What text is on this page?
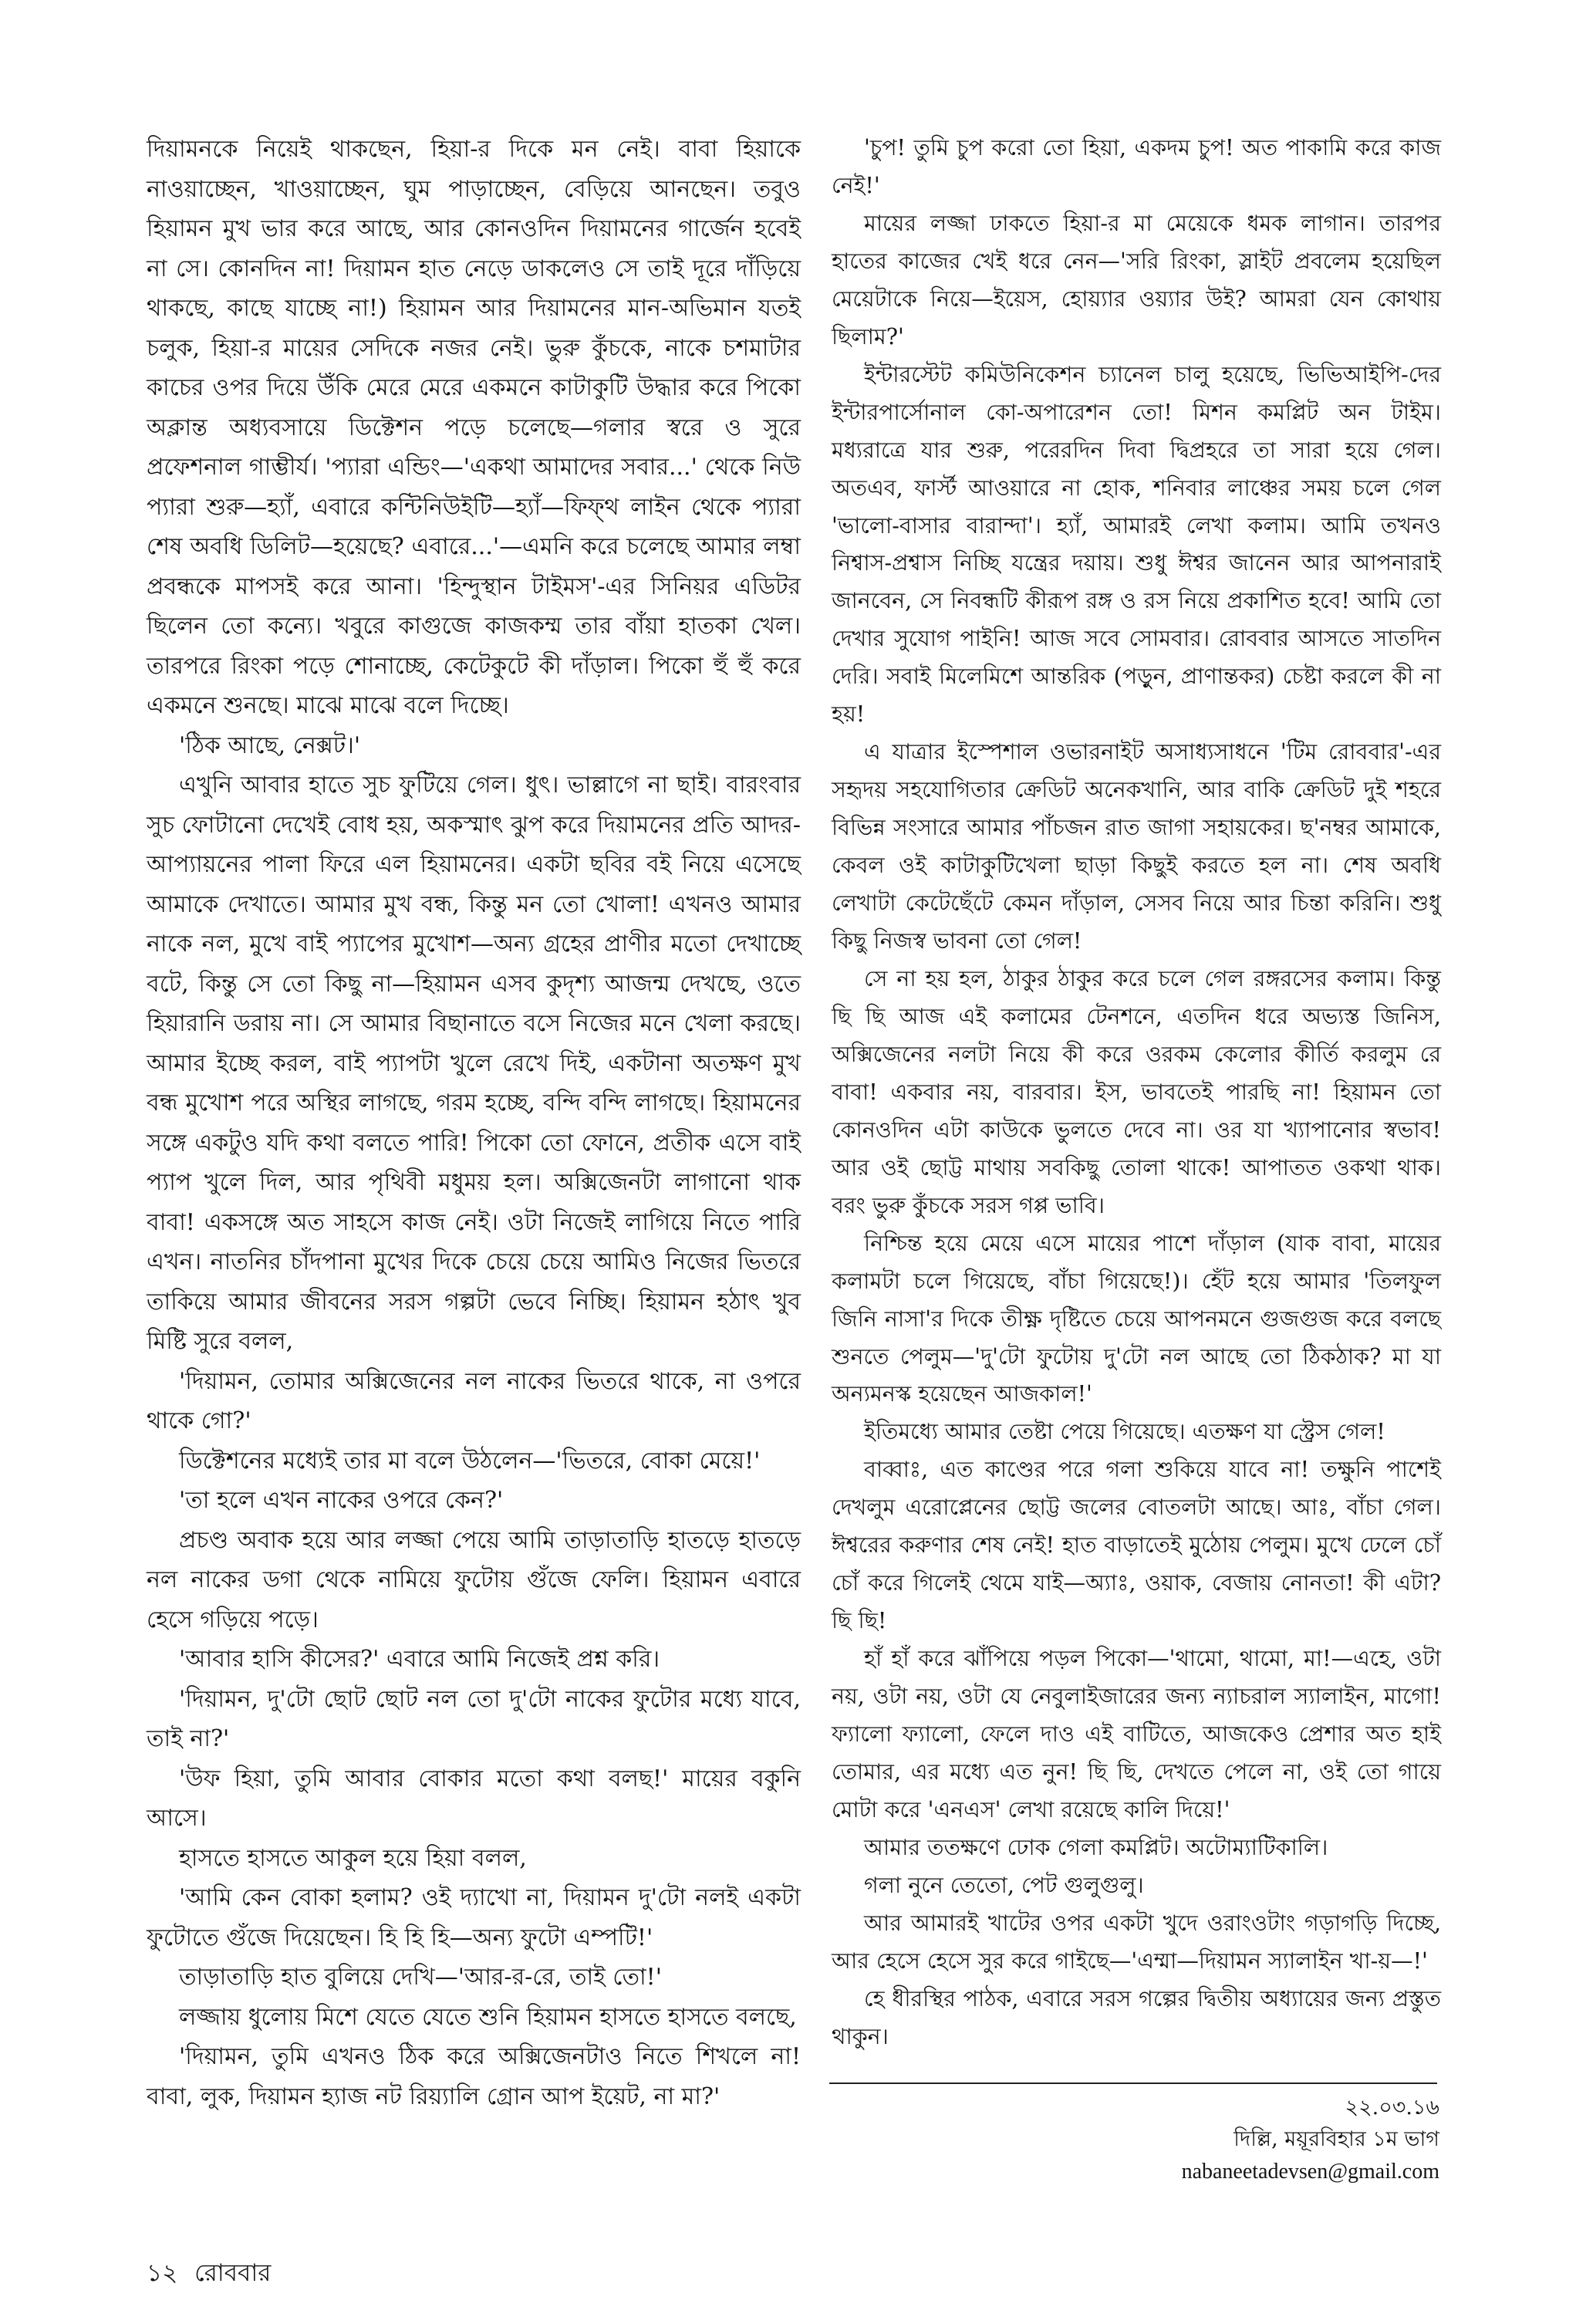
দিয়ামনকে নিয়েই থাকছেন, হিয়া-র দিকে মন নেই। বাবা হিয়াকে নাওয়াচ্ছেন, খাওয়াচ্ছেন, ঘুম পাড়াচ্ছেন, বেড়িয়ে আনছেন। তবুও হিয়ামন মুখ ভার করে আছে, আর কোনওদিন দিয়ামনের গার্জেন হবেই না সে। কোনদিন না! দিয়ামন হাত নেড়ে ডাকলেও সে তাই দূরে দাঁড়িয়ে থাকছে, কাছে যাচ্ছে না!) হিয়ামন আর দিয়ামনের মান-অভিমান যতই চলুক, হিয়া-র মায়ের সেদিকে নজর নেই। ভুরু কুঁচকে, নাকে চশমাটার কাচের ওপর দিয়ে উঁকি মেরে মেরে একমনে কাটাকুটি উদ্ধার করে পিকো অক্লান্ত অধ্যবসায়ে ডিক্টেশন পড়ে চলেছে—গলার স্বরে ও সুরে প্রফেশনাল গাম্ভীর্য। 'প্যারা এন্ডিং—'একথা আমাদের সবার...' থেকে নিউ প্যারা শুরু—হ্যাঁ, এবারে কন্টিনিউইটি—হ্যাঁ—ফিফ্থ লাইন থেকে প্যারা শেষ অবধি ডিলিট—হয়েছে? এবারে...'—এমনি করে চলেছে আমার লম্বা প্রবন্ধকে মাপসই করে আনা। 'হিন্দুস্থান টাইমস'-এর সিনিয়র এডিটর ছিলেন তো কন্যে। খবুরে কাগুজে কাজকম্ম তার বাঁয়া হাতকা খেল। তারপরে রিংকা পড়ে শোনাচ্ছে, কেটেকুটে কী দাঁড়াল। পিকো হুঁ হুঁ করে একমনে শুনছে। মাঝে মাঝে বলে দিচ্ছে।

'ঠিক আছে, নেক্সট।'

এখুনি আবার হাতে সুচ ফুটিয়ে গেল। ধুৎ। ভাল্লাগে না ছাই। বারংবার সুচ ফোটানো দেখেই বোধ হয়, অকস্মাৎ ঝুপ করে দিয়ামনের প্রতি আদর-আপ্যায়নের পালা ফিরে এল হিয়ামনের। একটা ছবির বই নিয়ে এসেছে আমাকে দেখাতে। আমার মুখ বন্ধ, কিন্তু মন তো খোলা! এখনও আমার নাকে নল, মুখে বাই প্যাপের মুখোশ—অন্য গ্রহের প্রাণীর মতো দেখাচ্ছে বটে, কিন্তু সে তো কিছু না—হিয়ামন এসব কুদৃশ্য আজন্ম দেখছে, ওতে হিয়ারানি ডরায় না। সে আমার বিছানাতে বসে নিজের মনে খেলা করছে। আমার ইচ্ছে করল, বাই প্যাপটা খুলে রেখে দিই, একটানা অতক্ষণ মুখ বন্ধ মুখোশ পরে অস্থির লাগছে, গরম হচ্ছে, বন্দি বন্দি লাগছে। হিয়ামনের সঙ্গে একটুও যদি কথা বলতে পারি! পিকো তো ফোনে, প্রতীক এসে বাই প্যাপ খুলে দিল, আর পৃথিবী মধুময় হল। অক্সিজেনটা লাগানো থাক বাবা! একসঙ্গে অত সাহসে কাজ নেই। ওটা নিজেই লাগিয়ে নিতে পারি এখন। নাতনির চাঁদপানা মুখের দিকে চেয়ে চেয়ে আমিও নিজের ভিতরে তাকিয়ে আমার জীবনের সরস গল্পটা ভেবে নিচ্ছি। হিয়ামন হঠাৎ খুব মিষ্টি সুরে বলল,

'দিয়ামন, তোমার অক্সিজেনের নল নাকের ভিতরে থাকে, না ওপরে থাকে গো?'

ডিক্টেশনের মধ্যেই তার মা বলে উঠলেন—'ভিতরে, বোকা মেয়ে!'

'তা হলে এখন নাকের ওপরে কেন?'

প্রচণ্ড অবাক হয়ে আর লজ্জা পেয়ে আমি তাড়াতাড়ি হাতড়ে হাতড়ে নল নাকের ডগা থেকে নামিয়ে ফুটোয় গুঁজে ফেলি। হিয়ামন এবারে হেসে গড়িয়ে পড়ে।

'আবার হাসি কীসের?' এবারে আমি নিজেই প্রশ্ন করি।

'দিয়ামন, দু'টো ছোট ছোট নল তো দু'টো নাকের ফুটোর মধ্যে যাবে, তাই না?'

'উফ হিয়া, তুমি আবার বোকার মতো কথা বলছ!' মায়ের বকুনি আসে।

হাসতে হাসতে আকুল হয়ে হিয়া বলল,

'আমি কেন বোকা হলাম? ওই দ্যাখো না, দিয়ামন দু'টো নলই একটা ফুটোতে গুঁজে দিয়েছেন। হি হি হি—অন্য ফুটো এম্পটি!'

তাড়াতাড়ি হাত বুলিয়ে দেখি—'আর-র-রে, তাই তো!'

লজ্জায় ধুলোয় মিশে যেতে যেতে শুনি হিয়ামন হাসতে হাসতে বলছে,

'দিয়ামন, তুমি এখনও ঠিক করে অক্সিজেনটাও নিতে শিখলে না! বাবা, লুক, দিয়ামন হ্যাজ নট রিয়্যালি গ্রোন আপ ইয়েট, না মা?'

'চুপ! তুমি চুপ করো তো হিয়া, একদম চুপ! অত পাকামি করে কাজ নেই!'

মায়ের লজ্জা ঢাকতে হিয়া-র মা মেয়েকে ধমক লাগান। তারপর হাতের কাজের খেই ধরে নেন—'সরি রিংকা, স্লাইট প্রবলেম হয়েছিল মেয়েটাকে নিয়ে—ইয়েস, হোয়্যার ওয়্যার উই? আমরা যেন কোথায় ছিলাম?'

ইন্টারস্টেট কমিউনিকেশন চ্যানেল চালু হয়েছে, ভিভিআইপি-দের ইন্টারপার্সোনাল কো-অপারেশন তো! মিশন কমপ্লিট অন টাইম। মধ্যরাত্রে যার শুরু, পরেরদিন দিবা দ্বিপ্রহরে তা সারা হয়ে গেল। অতএব, ফার্স্ট আওয়ারে না হোক, শনিবার লাঞ্চের সময় চলে গেল 'ভালো-বাসার বারান্দা'। হ্যাঁ, আমারই লেখা কলাম। আমি তখনও নিশ্বাস-প্রশ্বাস নিচ্ছি যন্ত্রের দয়ায়। শুধু ঈশ্বর জানেন আর আপনারাই জানবেন, সে নিবন্ধটি কীরূপ রঙ্গ ও রস নিয়ে প্রকাশিত হবে! আমি তো দেখার সুযোগ পাইনি! আজ সবে সোমবার। রোববার আসতে সাতদিন দেরি। সবাই মিলেমিশে আন্তরিক (পড়ুন, প্রাণান্তকর) চেষ্টা করলে কী না হয়!

এ যাত্রার ইস্পেশাল ওভারনাইট অসাধ্যসাধনে 'টিম রোববার'-এর সহৃদয় সহযোগিতার ক্রেডিট অনেকখানি, আর বাকি ক্রেডিট দুই শহরে বিভিন্ন সংসারে আমার পাঁচজন রাত জাগা সহায়কের। ছ'নম্বর আমাকে, কেবল ওই কাটাকুটিখেলা ছাড়া কিছুই করতে হল না। শেষ অবধি লেখাটা কেটেছেঁটে কেমন দাঁড়াল, সেসব নিয়ে আর চিন্তা করিনি। শুধু কিছু নিজস্ব ভাবনা তো গেল!

সে না হয় হল, ঠাকুর ঠাকুর করে চলে গেল রঙ্গরসের কলাম। কিন্তু ছি ছি আজ এই কলামের টেনশনে, এতদিন ধরে অভ্যস্ত জিনিস, অক্সিজেনের নলটা নিয়ে কী করে ওরকম কেলোর কীর্তি করলুম রে বাবা! একবার নয়, বারবার। ইস, ভাবতেই পারছি না! হিয়ামন তো কোনওদিন এটা কাউকে ভুলতে দেবে না। ওর যা খ্যাপানোর স্বভাব! আর ওই ছোট্ট মাথায় সবকিছু তোলা থাকে! আপাতত ওকথা থাক। বরং ভুরু কুঁচকে সরস গপ্প ভাবি।

নিশ্চিন্ত হয়ে মেয়ে এসে মায়ের পাশে দাঁড়াল (যাক বাবা, মায়ের কলামটা চলে গিয়েছে, বাঁচা গিয়েছে!)। হেঁট হয়ে আমার 'তিলফুল জিনি নাসা'র দিকে তীক্ষ্ণ দৃষ্টিতে চেয়ে আপনমনে গুজগুজ করে বলছে শুনতে পেলুম—'দু'টো ফুটোয় দু'টো নল আছে তো ঠিকঠাক? মা যা অন্যমনস্ক হয়েছেন আজকাল!'

ইতিমধ্যে আমার তেষ্টা পেয়ে গিয়েছে। এতক্ষণ যা স্ট্রেস গেল!

বাব্বাঃ, এত কাণ্ডের পরে গলা শুকিয়ে যাবে না! তক্ষুনি পাশেই দেখলুম এরোপ্লেনের ছোট্ট জলের বোতলটা আছে। আঃ, বাঁচা গেল। ঈশ্বরের করুণার শেষ নেই! হাত বাড়াতেই মুঠোয় পেলুম। মুখে ঢেলে চোঁ চোঁ করে গিলেই থেমে যাই—অ্যাঃ, ওয়াক, বেজায় নোনতা! কী এটা? ছি ছি!

হাঁ হাঁ করে ঝাঁপিয়ে পড়ল পিকো—'থামো, থামো, মা!—এহে, ওটা নয়, ওটা নয়, ওটা যে নেবুলাইজারের জন্য ন্যাচরাল স্যালাইন, মাগো! ফ্যালো ফ্যালো, ফেলে দাও এই বাটিতে, আজকেও প্রেশার অত হাই তোমার, এর মধ্যে এত নুন! ছি ছি, দেখতে পেলে না, ওই তো গায়ে মোটা করে 'এনএস' লেখা রয়েছে কালি দিয়ে!'

আমার ততক্ষণে ঢোক গেলা কমপ্লিট। অটোম্যাটিকালি।

গলা নুনে তেতো, পেট গুলুগুলু।

আর আমারই খাটের ওপর একটা খুদে ওরাংওটাং গড়াগড়ি দিচ্ছে, আর হেসে হেসে সুর করে গাইছে—'এম্মা—দিয়ামন স্যালাইন খা-য়—!'

হে ধীরস্থির পাঠক, এবারে সরস গল্পের দ্বিতীয় অধ্যায়ের জন্য প্রস্তুত থাকুন।

২২.০৩.১৬
দিল্লি, ময়ূরবিহার ১ম ভাগ
nabaneetadevsen@gmail.com
১২ রোববার
